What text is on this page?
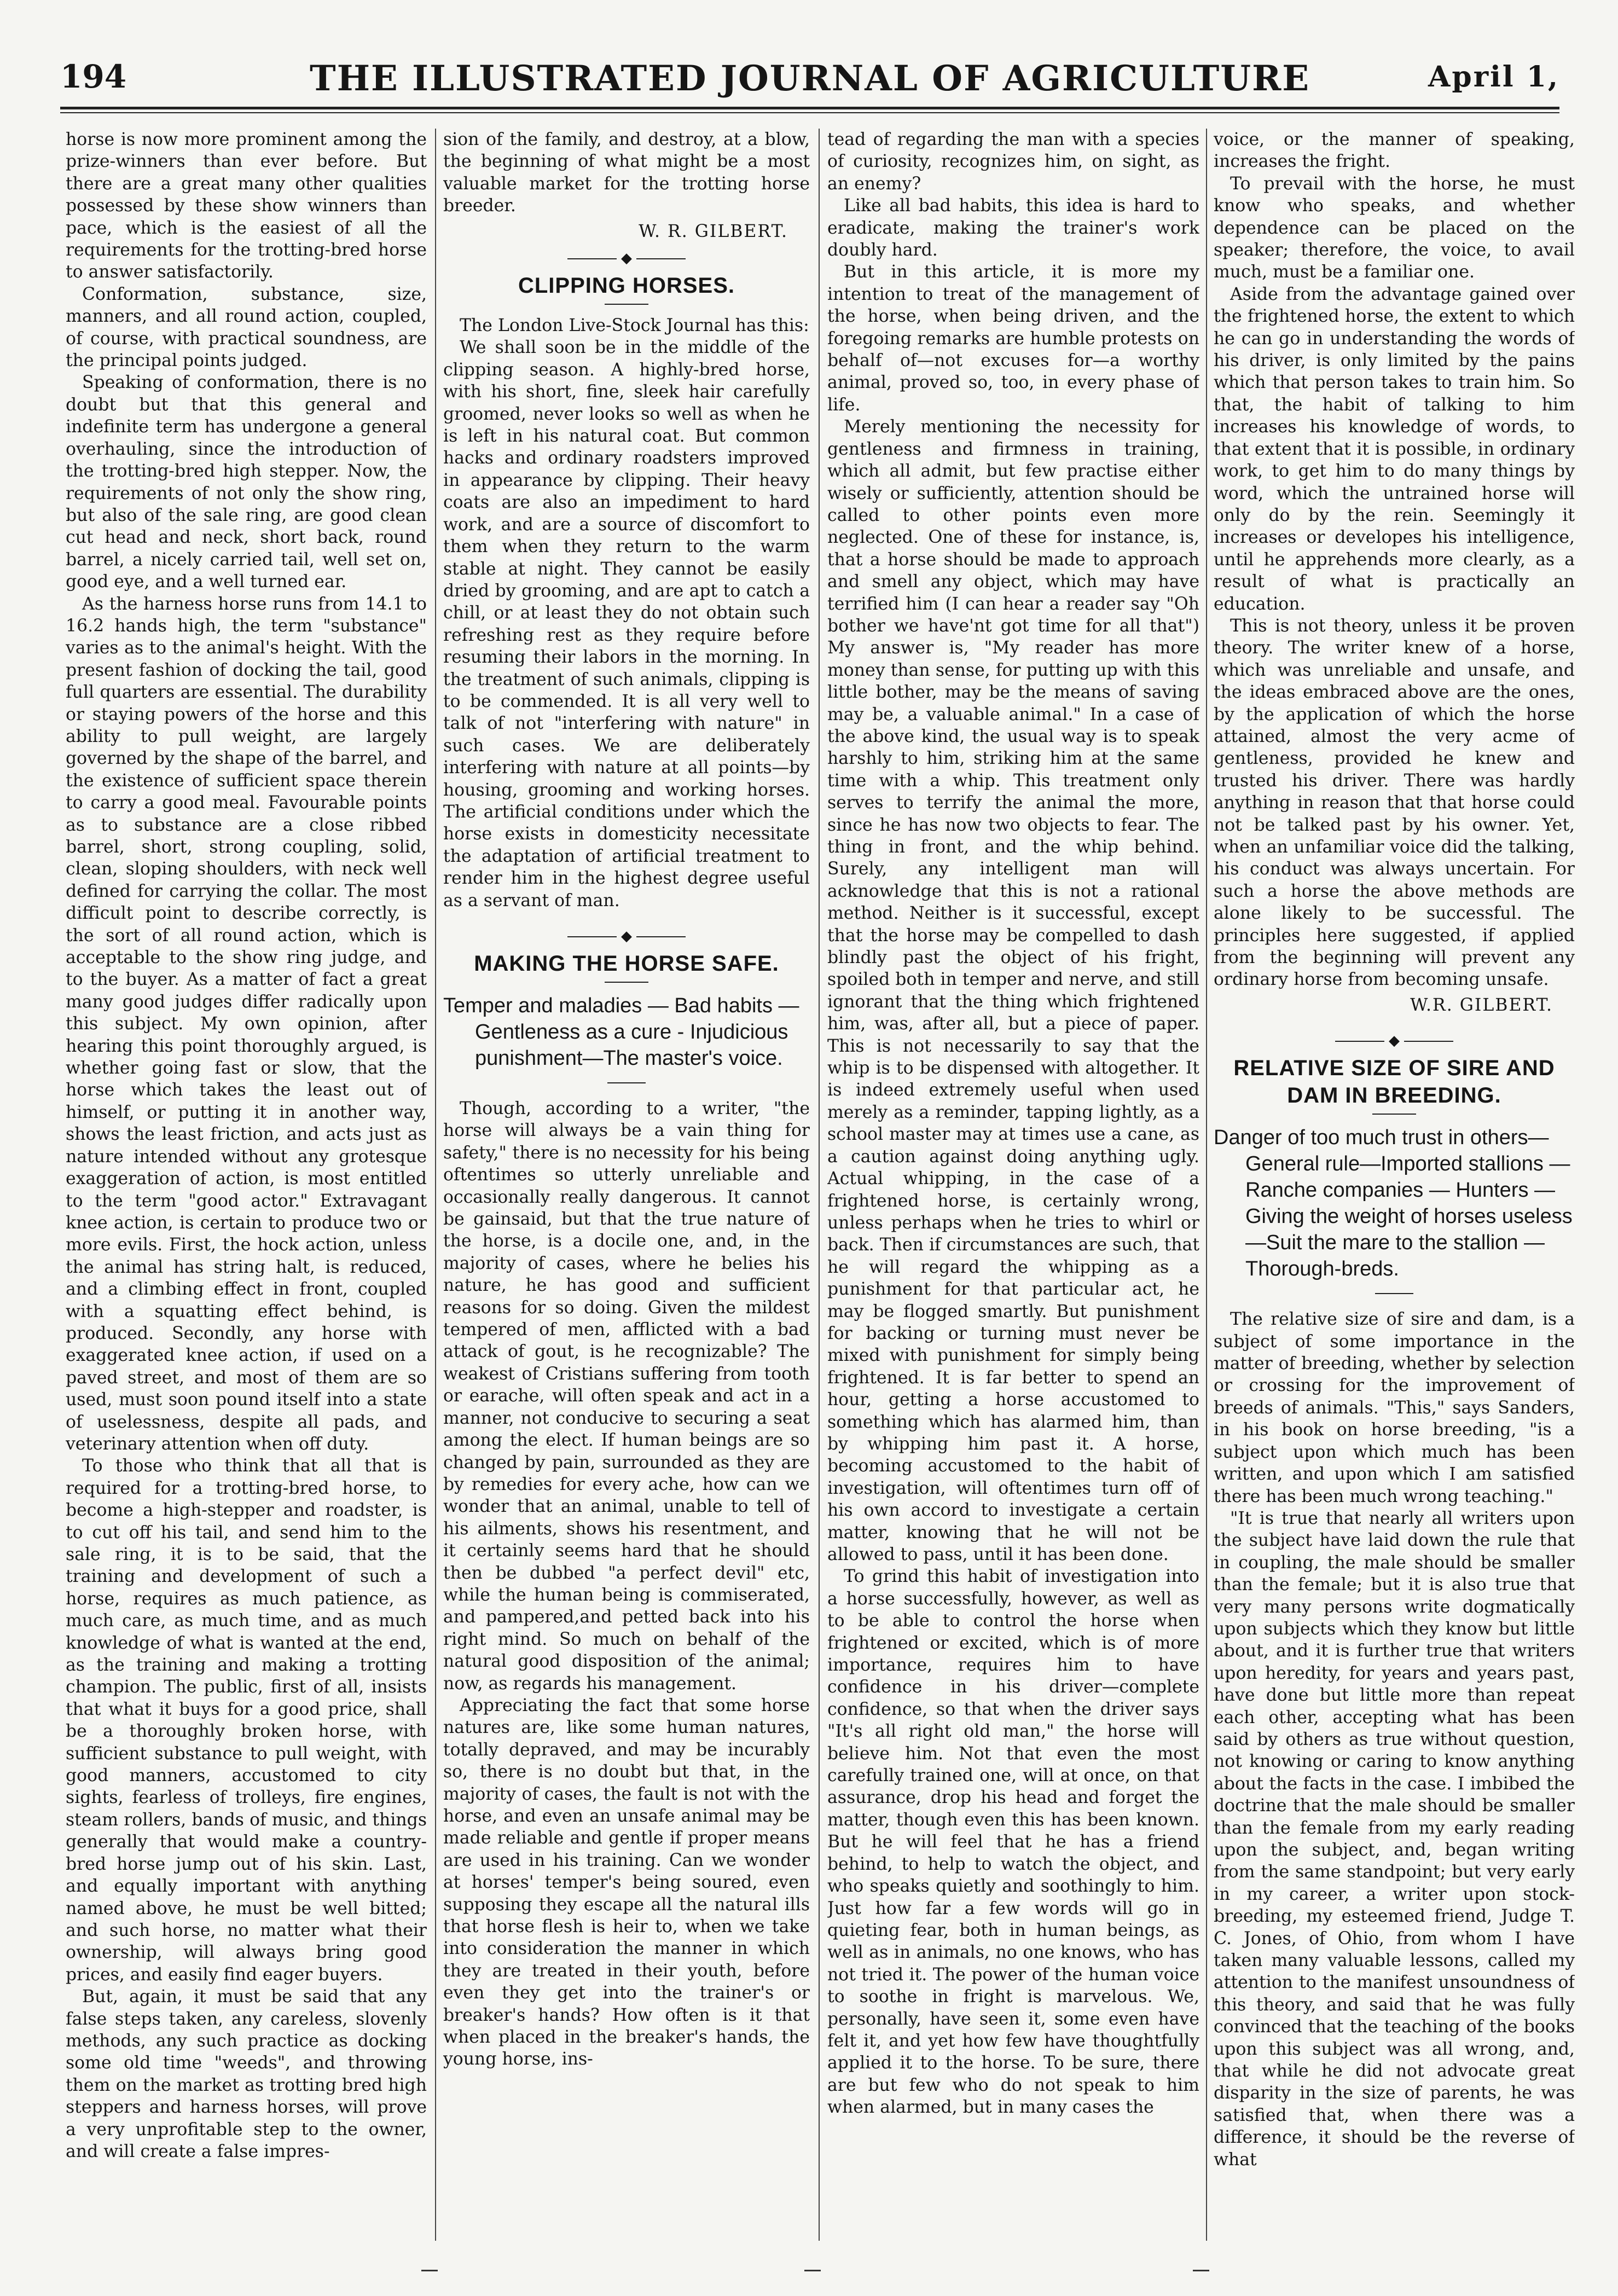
194	THE ILLUSTRATED JOURNAL OF AGRICULTURE	April 1,

horse is now more prominent among the prize-winners than ever before. But there are a great many other qualities possessed by these show winners than pace, which is the easiest of all the requirements for the trotting-bred horse to answer satisfactorily.

Conformation, substance, size, manners, and all round action, coupled, of course, with practical soundness, are the principal points judged.

Speaking of conformation, there is no doubt but that this general and indefinite term has undergone a general overhauling, since the introduction of the trotting-bred high stepper. Now, the requirements of not only the show ring, but also of the sale ring, are good clean cut head and neck, short back, round barrel, a nicely carried tail, well set on, good eye, and a well turned ear.

As the harness horse runs from 14.1 to 16.2 hands high, the term "substance" varies as to the animal's height. With the present fashion of docking the tail, good full quarters are essential. The durability or staying powers of the horse and this ability to pull weight, are largely governed by the shape of the barrel, and the existence of sufficient space therein to carry a good meal. Favourable points as to substance are a close ribbed barrel, short, strong coupling, solid, clean, sloping shoulders, with neck well defined for carrying the collar. The most difficult point to describe correctly, is the sort of all round action, which is acceptable to the show ring judge, and to the buyer. As a matter of fact a great many good judges differ radically upon this subject. My own opinion, after hearing this point thoroughly argued, is whether going fast or slow, that the horse which takes the least out of himself, or putting it in another way, shows the least friction, and acts just as nature intended without any grotesque exaggeration of action, is most entitled to the term "good actor." Extravagant knee action, is certain to produce two or more evils. First, the hock action, unless the animal has string halt, is reduced, and a climbing effect in front, coupled with a squatting effect behind, is produced. Secondly, any horse with exaggerated knee action, if used on a paved street, and most of them are so used, must soon pound itself into a state of uselessness, despite all pads, and veterinary attention when off duty.

To those who think that all that is required for a trotting-bred horse, to become a high-stepper and roadster, is to cut off his tail, and send him to the sale ring, it is to be said, that the training and development of such a horse, requires as much patience, as much care, as much time, and as much knowledge of what is wanted at the end, as the training and making a trotting champion. The public, first of all, insists that what it buys for a good price, shall be a thoroughly broken horse, with sufficient substance to pull weight, with good manners, accustomed to city sights, fearless of trolleys, fire engines, steam rollers, bands of music, and things generally that would make a country-bred horse jump out of his skin. Last, and equally important with anything named above, he must be well bitted; and such horse, no matter what their ownership, will always bring good prices, and easily find eager buyers.

But, again, it must be said that any false steps taken, any careless, slovenly methods, any such practice as docking some old time "weeds", and throwing them on the market as trotting bred high steppers and harness horses, will prove a very unprofitable step to the owner, and will create a false impres-

sion of the family, and destroy, at a blow, the beginning of what might be a most valuable market for the trotting horse breeder.

W. R. GILBERT.

◆
CLIPPING HORSES.

The London Live-Stock Journal has this:

We shall soon be in the middle of the clipping season. A highly-bred horse, with his short, fine, sleek hair carefully groomed, never looks so well as when he is left in his natural coat. But common hacks and ordinary roadsters improved in appearance by clipping. Their heavy coats are also an impediment to hard work, and are a source of discomfort to them when they return to the warm stable at night. They cannot be easily dried by grooming, and are apt to catch a chill, or at least they do not obtain such refreshing rest as they require before resuming their labors in the morning. In the treatment of such animals, clipping is to be commended. It is all very well to talk of not "interfering with nature" in such cases. We are deliberately interfering with nature at all points—by housing, grooming and working horses. The artificial conditions under which the horse exists in domesticity necessitate the adaptation of artificial treatment to render him in the highest degree useful as a servant of man.

◆
MAKING THE HORSE SAFE.
Temper and maladies — Bad habits —
Gentleness as a cure - Injudicious
punishment—The master's voice.

Though, according to a writer, "the horse will always be a vain thing for safety," there is no necessity for his being oftentimes so utterly unreliable and occasionally really dangerous. It cannot be gainsaid, but that the true nature of the horse, is a docile one, and, in the majority of cases, where he belies his nature, he has good and sufficient reasons for so doing. Given the mildest tempered of men, afflicted with a bad attack of gout, is he recognizable? The weakest of Cristians suffering from tooth or earache, will often speak and act in a manner, not conducive to securing a seat among the elect. If human beings are so changed by pain, surrounded as they are by remedies for every ache, how can we wonder that an animal, unable to tell of his ailments, shows his resentment, and it certainly seems hard that he should then be dubbed "a perfect devil" etc, while the human being is commiserated, and pampered,and petted back into his right mind. So much on behalf of the natural good disposition of the animal; now, as regards his management.

Appreciating the fact that some horse natures are, like some human natures, totally depraved, and may be incurably so, there is no doubt but that, in the majority of cases, the fault is not with the horse, and even an unsafe animal may be made reliable and gentle if proper means are used in his training. Can we wonder at horses' temper's being soured, even supposing they escape all the natural ills that horse flesh is heir to, when we take into consideration the manner in which they are treated in their youth, before even they get into the trainer's or breaker's hands? How often is it that when placed in the breaker's hands, the young horse, ins-

tead of regarding the man with a species of curiosity, recognizes him, on sight, as an enemy?

Like all bad habits, this idea is hard to eradicate, making the trainer's work doubly hard.

But in this article, it is more my intention to treat of the management of the horse, when being driven, and the foregoing remarks are humble protests on behalf of—not excuses for—a worthy animal, proved so, too, in every phase of life.

Merely mentioning the necessity for gentleness and firmness in training, which all admit, but few practise either wisely or sufficiently, attention should be called to other points even more neglected. One of these for instance, is, that a horse should be made to approach and smell any object, which may have terrified him (I can hear a reader say "Oh bother we have'nt got time for all that") My answer is, "My reader has more money than sense, for putting up with this little bother, may be the means of saving may be, a valuable animal." In a case of the above kind, the usual way is to speak harshly to him, striking him at the same time with a whip. This treatment only serves to terrify the animal the more, since he has now two objects to fear. The thing in front, and the whip behind. Surely, any intelligent man will acknowledge that this is not a rational method. Neither is it successful, except that the horse may be compelled to dash blindly past the object of his fright, spoiled both in temper and nerve, and still ignorant that the thing which frightened him, was, after all, but a piece of paper. This is not necessarily to say that the whip is to be dispensed with altogether. It is indeed extremely useful when used merely as a reminder, tapping lightly, as a school master may at times use a cane, as a caution against doing anything ugly. Actual whipping, in the case of a frightened horse, is certainly wrong, unless perhaps when he tries to whirl or back. Then if circumstances are such, that he will regard the whipping as a punishment for that particular act, he may be flogged smartly. But punishment for backing or turning must never be mixed with punishment for simply being frightened. It is far better to spend an hour, getting a horse accustomed to something which has alarmed him, than by whipping him past it. A horse, becoming accustomed to the habit of investigation, will oftentimes turn off of his own accord to investigate a certain matter, knowing that he will not be allowed to pass, until it has been done.

To grind this habit of investigation into a horse successfully, however, as well as to be able to control the horse when frightened or excited, which is of more importance, requires him to have confidence in his driver—complete confidence, so that when the driver says "It's all right old man," the horse will believe him. Not that even the most carefully trained one, will at once, on that assurance, drop his head and forget the matter, though even this has been known. But he will feel that he has a friend behind, to help to watch the object, and who speaks quietly and soothingly to him. Just how far a few words will go in quieting fear, both in human beings, as well as in animals, no one knows, who has not tried it. The power of the human voice to soothe in fright is marvelous. We, personally, have seen it, some even have felt it, and yet how few have thoughtfully applied it to the horse. To be sure, there are but few who do not speak to him when alarmed, but in many cases the

voice, or the manner of speaking, increases the fright.

To prevail with the horse, he must know who speaks, and whether dependence can be placed on the speaker; therefore, the voice, to avail much, must be a familiar one.

Aside from the advantage gained over the frightened horse, the extent to which he can go in understanding the words of his driver, is only limited by the pains which that person takes to train him. So that, the habit of talking to him increases his knowledge of words, to that extent that it is possible, in ordinary work, to get him to do many things by word, which the untrained horse will only do by the rein. Seemingly it increases or developes his intelligence, until he apprehends more clearly, as a result of what is practically an education.

This is not theory, unless it be proven theory. The writer knew of a horse, which was unreliable and unsafe, and the ideas embraced above are the ones, by the application of which the horse attained, almost the very acme of gentleness, provided he knew and trusted his driver. There was hardly anything in reason that that horse could not be talked past by his owner. Yet, when an unfamiliar voice did the talking, his conduct was always uncertain. For such a horse the above methods are alone likely to be successful. The principles here suggested, if applied from the beginning will prevent any ordinary horse from becoming unsafe.

W.R. GILBERT.

◆
RELATIVE SIZE OF SIRE AND DAM IN BREEDING.
Danger of too much trust in others—
General rule—Imported stallions —
Ranche companies — Hunters —
Giving the weight of horses useless
—Suit the mare to the stallion —
Thorough-breds.

The relative size of sire and dam, is a subject of some importance in the matter of breeding, whether by selection or crossing for the improvement of breeds of animals. "This," says Sanders, in his book on horse breeding, "is a subject upon which much has been written, and upon which I am satisfied there has been much wrong teaching."

"It is true that nearly all writers upon the subject have laid down the rule that in coupling, the male should be smaller than the female; but it is also true that very many persons write dogmatically upon subjects which they know but little about, and it is further true that writers upon heredity, for years and years past, have done but little more than repeat each other, accepting what has been said by others as true without question, not knowing or caring to know anything about the facts in the case. I imbibed the doctrine that the male should be smaller than the female from my early reading upon the subject, and, began writing from the same standpoint; but very early in my career, a writer upon stock-breeding, my esteemed friend, Judge T. C. Jones, of Ohio, from whom I have taken many valuable lessons, called my attention to the manifest unsoundness of this theory, and said that he was fully convinced that the teaching of the books upon this subject was all wrong, and, that while he did not advocate great disparity in the size of parents, he was satisfied that, when there was a difference, it should be the reverse of what
